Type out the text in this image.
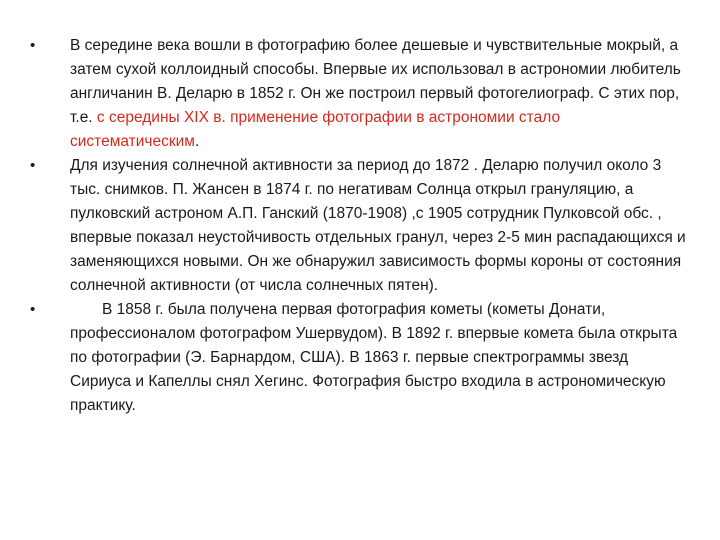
• В середине века вошли в фотографию более дешевые и чувствительные мокрый, а затем сухой коллоидный способы. Впервые их использовал в астрономии любитель англичанин В. Деларю в 1852 г. Он же построил первый фотогелиограф. С этих пор, т.е. с середины XIX в. применение фотографии в астрономии стало систематическим.
• Для изучения солнечной активности за период до 1872 . Деларю получил около 3 тыс. снимков. П. Жансен в 1874 г. по негативам Солнца открыл грануляцию, а пулковский астроном А.П. Ганский (1870-1908) ,с 1905 сотрудник Пулковсой обс. , впервые показал неустойчивость отдельных гранул, через 2-5 мин распадающихся и заменяющихся новыми. Он же обнаружил зависимость формы короны от состояния солнечной активности (от числа солнечных пятен).
•	В 1858 г. была получена первая фотография кометы (кометы Донати, профессионалом фотографом Ушервудом). В 1892 г. впервые комета была открыта по фотографии (Э. Барнардом, США). В 1863 г. первые спектрограммы звезд Сириуса и Капеллы снял Хегинс. Фотография быстро входила в астрономическую практику.
